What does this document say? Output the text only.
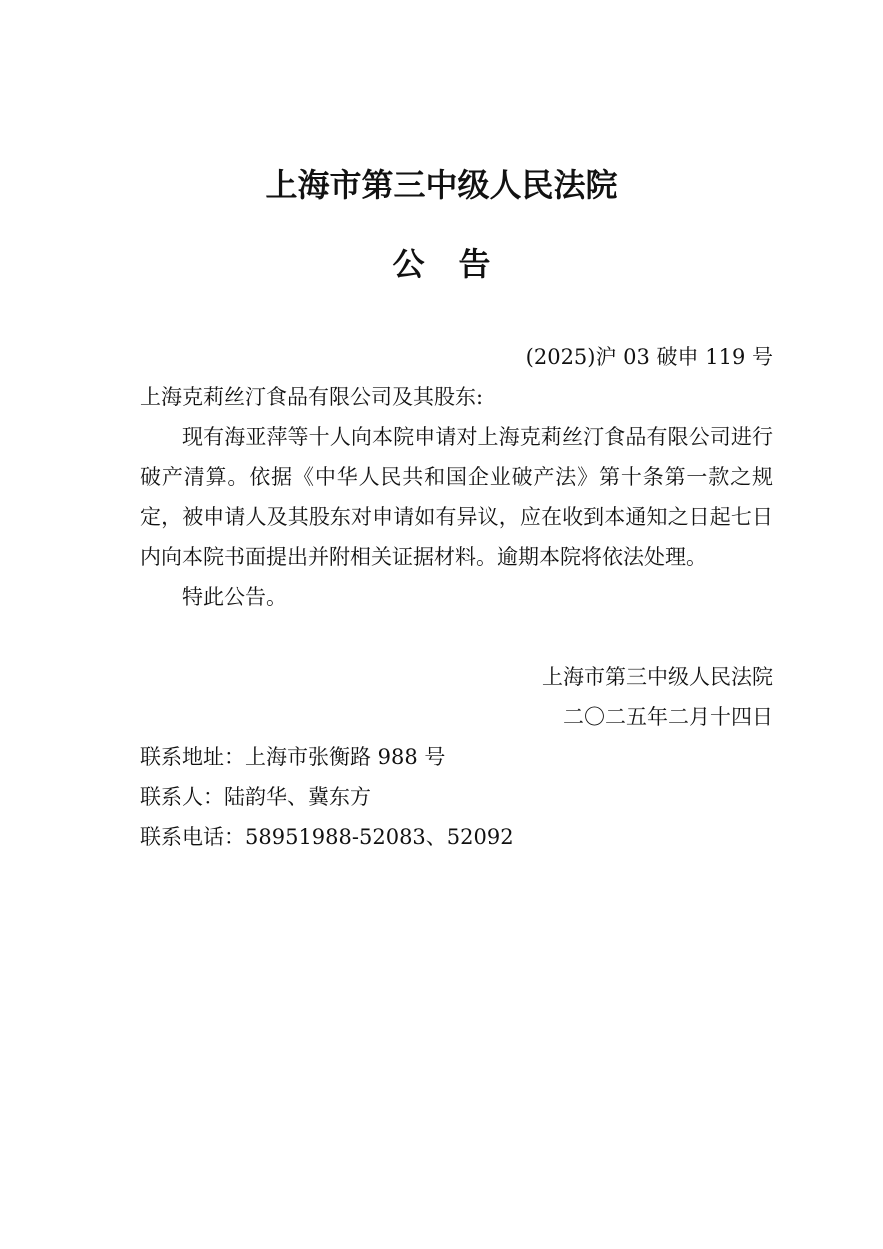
上海市第三中级人民法院
公告
(2025)沪 03 破申 119 号
上海克莉丝汀食品有限公司及其股东:
现有海亚萍等十人向本院申请对上海克莉丝汀食品有限公司进行破产清算。依据《中华人民共和国企业破产法》第十条第一款之规定，被申请人及其股东对申请如有异议，应在收到本通知之日起七日内向本院书面提出并附相关证据材料。逾期本院将依法处理。
特此公告。
上海市第三中级人民法院
二〇二五年二月十四日
联系地址：上海市张衡路 988 号
联系人：陆韵华、冀东方
联系电话：58951988-52083、52092
